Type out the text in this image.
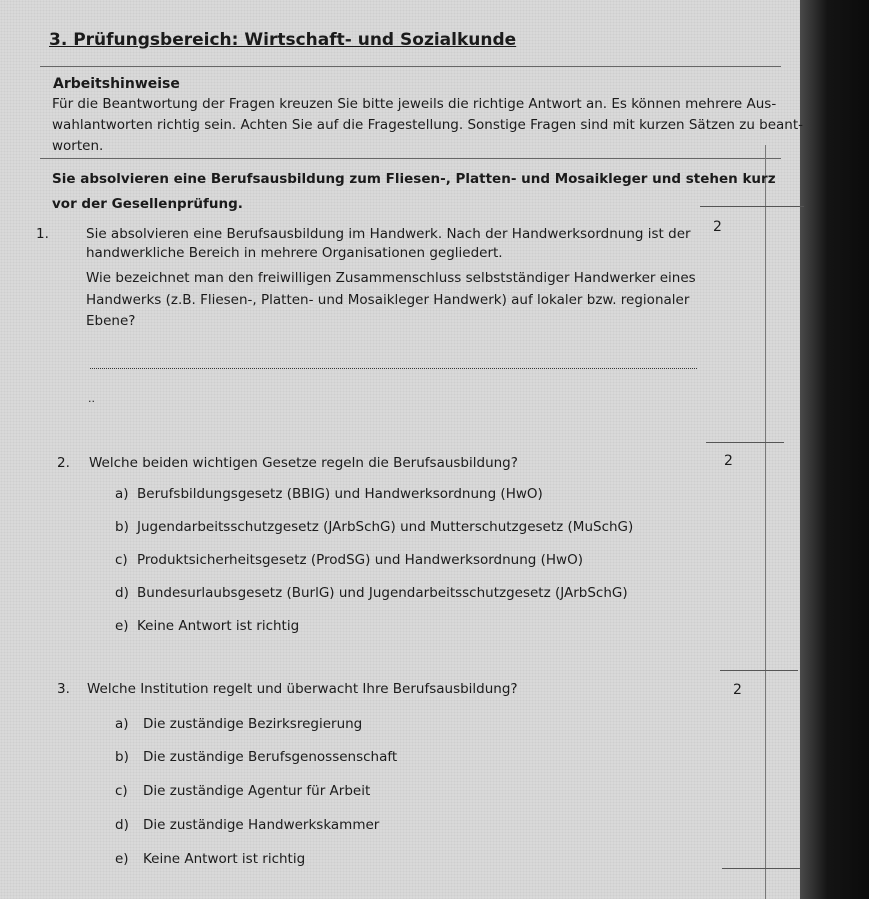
3. Prüfungsbereich: Wirtschaft- und Sozialkunde
Arbeitshinweise
Für die Beantwortung der Fragen kreuzen Sie bitte jeweils die richtige Antwort an. Es können mehrere Aus-
wahlantworten richtig sein. Achten Sie auf die Fragestellung. Sonstige Fragen sind mit kurzen Sätzen zu beant-
worten.
Sie absolvieren eine Berufsausbildung zum Fliesen-, Platten- und Mosaikleger und stehen kurz
vor der Gesellenprüfung.
1.	Sie absolvieren eine Berufsausbildung im Handwerk. Nach der Handwerksordnung ist der 2
handwerkliche Bereich in mehrere Organisationen gegliedert.
Wie bezeichnet man den freiwilligen Zusammenschluss selbstständiger Handwerker eines
Handwerks (z.B. Fliesen-, Platten- und Mosaikleger Handwerk) auf lokaler bzw. regionaler
Ebene?
..
2. Welche beiden wichtigen Gesetze regeln die Berufsausbildung?	2
a) Berufsbildungsgesetz (BBIG) und Handwerksordnung (HwO)
b) Jugendarbeitsschutzgesetz (JArbSchG) und Mutterschutzgesetz (MuSchG)
c) Produktsicherheitsgesetz (ProdSG) und Handwerksordnung (HwO)
d) Bundesurlaubsgesetz (BurlG) und Jugendarbeitsschutzgesetz (JArbSchG)
e) Keine Antwort ist richtig
3. Welche Institution regelt und überwacht Ihre Berufsausbildung?	2
a) Die zuständige Bezirksregierung
b) Die zuständige Berufsgenossenschaft
c) Die zuständige Agentur für Arbeit
d) Die zuständige Handwerkskammer
e) Keine Antwort ist richtig
